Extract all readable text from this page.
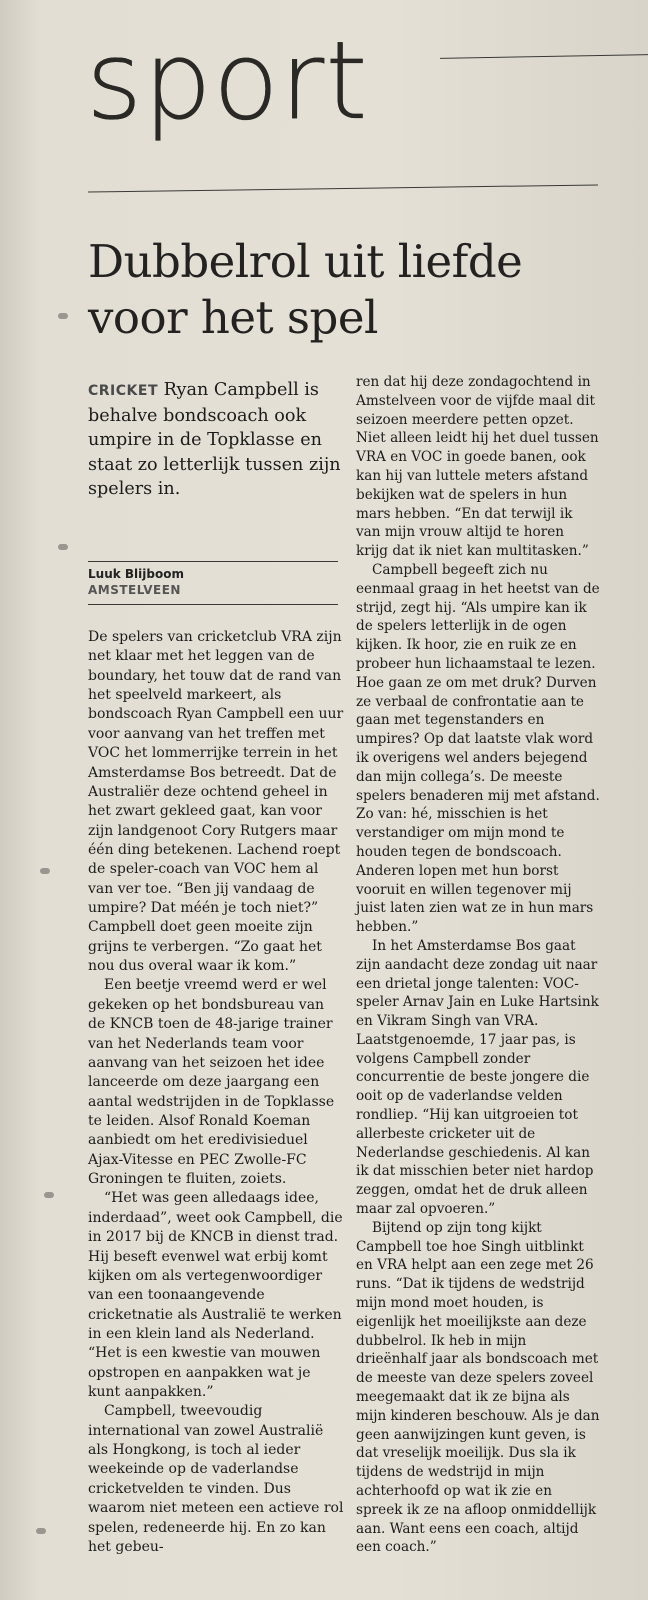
sport
Dubbelrol uit liefde voor het spel
CRICKET Ryan Campbell is behalve bondscoach ook umpire in de Topklasse en staat zo letterlijk tussen zijn spelers in.
Luuk Blijboom
AMSTELVEEN

De spelers van cricketclub VRA zijn net klaar met het leggen van de boundary, het touw dat de rand van het speelveld markeert, als bondscoach Ryan Campbell een uur voor aanvang van het treffen met VOC het lommerrijke terrein in het Amsterdamse Bos betreedt. Dat de Australiër deze ochtend geheel in het zwart gekleed gaat, kan voor zijn landgenoot Cory Rutgers maar één ding betekenen. Lachend roept de speler-coach van VOC hem al van ver toe. “Ben jij vandaag de umpire? Dat méén je toch niet?” Campbell doet geen moeite zijn grijns te verbergen. “Zo gaat het nou dus overal waar ik kom.”

Een beetje vreemd werd er wel gekeken op het bondsbureau van de KNCB toen de 48-jarige trainer van het Nederlands team voor aanvang van het seizoen het idee lanceerde om deze jaargang een aantal wedstrijden in de Topklasse te leiden. Alsof Ronald Koeman aanbiedt om het eredivisieduel Ajax-Vitesse en PEC Zwolle-FC Groningen te fluiten, zoiets.

“Het was geen alledaags idee, inderdaad”, weet ook Campbell, die in 2017 bij de KNCB in dienst trad. Hij beseft evenwel wat erbij komt kijken om als vertegenwoordiger van een toonaangevende cricketnatie als Australië te werken in een klein land als Nederland. “Het is een kwestie van mouwen opstropen en aanpakken wat je kunt aanpakken.”

Campbell, tweevoudig international van zowel Australië als Hongkong, is toch al ieder weekeinde op de vaderlandse cricketvelden te vinden. Dus waarom niet meteen een actieve rol spelen, redeneerde hij. En zo kan het gebeu-

ren dat hij deze zondagochtend in Amstelveen voor de vijfde maal dit seizoen meerdere petten opzet. Niet alleen leidt hij het duel tussen VRA en VOC in goede banen, ook kan hij van luttele meters afstand bekijken wat de spelers in hun mars hebben. “En dat terwijl ik van mijn vrouw altijd te horen krijg dat ik niet kan multitasken.”

Campbell begeeft zich nu eenmaal graag in het heetst van de strijd, zegt hij. “Als umpire kan ik de spelers letterlijk in de ogen kijken. Ik hoor, zie en ruik ze en probeer hun lichaamstaal te lezen. Hoe gaan ze om met druk? Durven ze verbaal de confrontatie aan te gaan met tegenstanders en umpires? Op dat laatste vlak word ik overigens wel anders bejegend dan mijn collega’s. De meeste spelers benaderen mij met afstand. Zo van: hé, misschien is het verstandiger om mijn mond te houden tegen de bondscoach. Anderen lopen met hun borst vooruit en willen tegenover mij juist laten zien wat ze in hun mars hebben.”

In het Amsterdamse Bos gaat zijn aandacht deze zondag uit naar een drietal jonge talenten: VOC-speler Arnav Jain en Luke Hartsink en Vikram Singh van VRA. Laatstgenoemde, 17 jaar pas, is volgens Campbell zonder concurrentie de beste jongere die ooit op de vaderlandse velden rondliep. “Hij kan uitgroeien tot allerbeste cricketer uit de Nederlandse geschiedenis. Al kan ik dat misschien beter niet hardop zeggen, omdat het de druk alleen maar zal opvoeren.”

Bijtend op zijn tong kijkt Campbell toe hoe Singh uitblinkt en VRA helpt aan een zege met 26 runs. “Dat ik tijdens de wedstrijd mijn mond moet houden, is eigenlijk het moeilijkste aan deze dubbelrol. Ik heb in mijn drieënhalf jaar als bondscoach met de meeste van deze spelers zoveel meegemaakt dat ik ze bijna als mijn kinderen beschouw. Als je dan geen aanwijzingen kunt geven, is dat vreselijk moeilijk. Dus sla ik tijdens de wedstrijd in mijn achterhoofd op wat ik zie en spreek ik ze na afloop onmiddellijk aan. Want eens een coach, altijd een coach.”
